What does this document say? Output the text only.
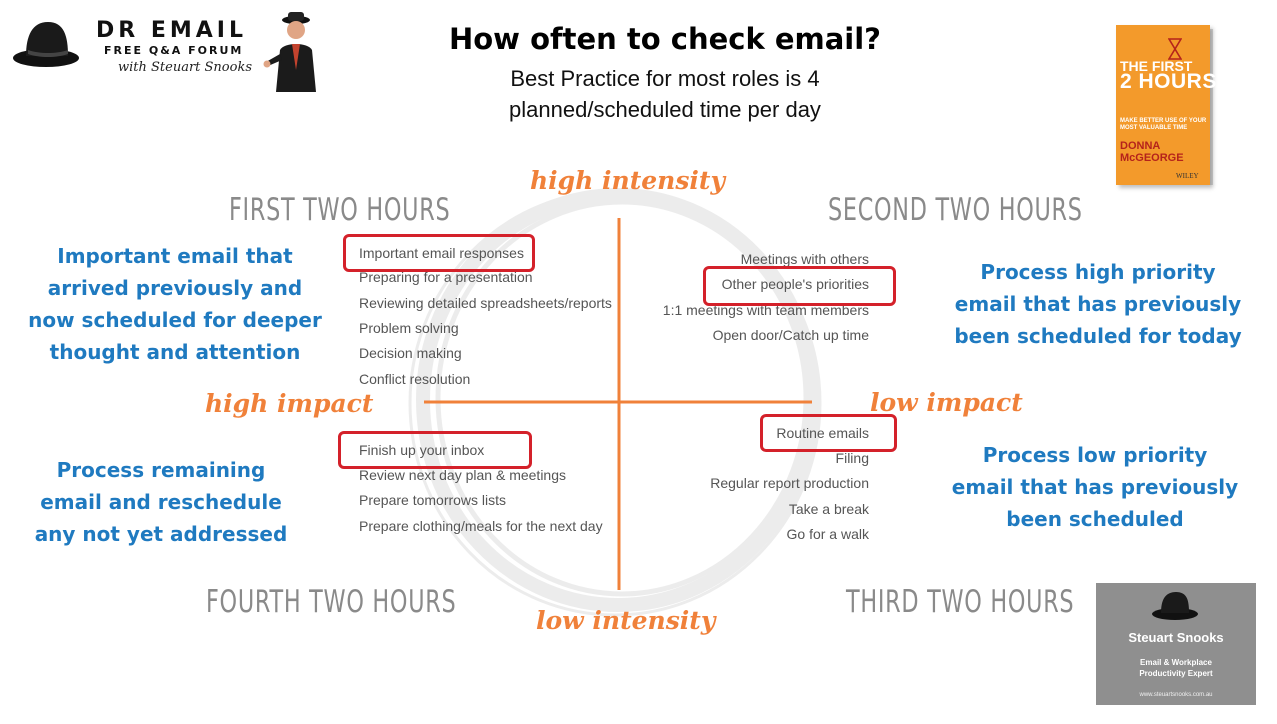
DR EMAIL
FREE Q&A FORUM
with Steuart Snooks
How often to check email?
Best Practice for most roles is 4
planned/scheduled time per day
THE FIRST
2 HOURS
MAKE BETTER USE OF YOUR MOST VALUABLE TIME
DONNA
McGEORGE
WILEY
high intensity
low intensity
high impact	low impact
FIRST TWO HOURS	SECOND TWO HOURS
THIRD TWO HOURS
FOURTH TWO HOURS
Important email responses
Preparing for a presentation
Reviewing detailed spreadsheets/reports
Problem solving
Decision making
Conflict resolution
Meetings with others
Other people's priorities
1:1 meetings with team members
Open door/Catch up time
Routine emails
Filing
Regular report production
Take a break
Go for a walk
Finish up your inbox
Review next day plan & meetings
Prepare tomorrows lists
Prepare clothing/meals for the next day
Important email that
arrived previously and
now scheduled for deeper
thought and attention
Process high priority
email that has previously
been scheduled for today
Process remaining
email and reschedule
any not yet addressed
Process low priority
email that has previously
been scheduled
Steuart Snooks
Email & Workplace
Productivity Expert
www.steuartsnooks.com.au
